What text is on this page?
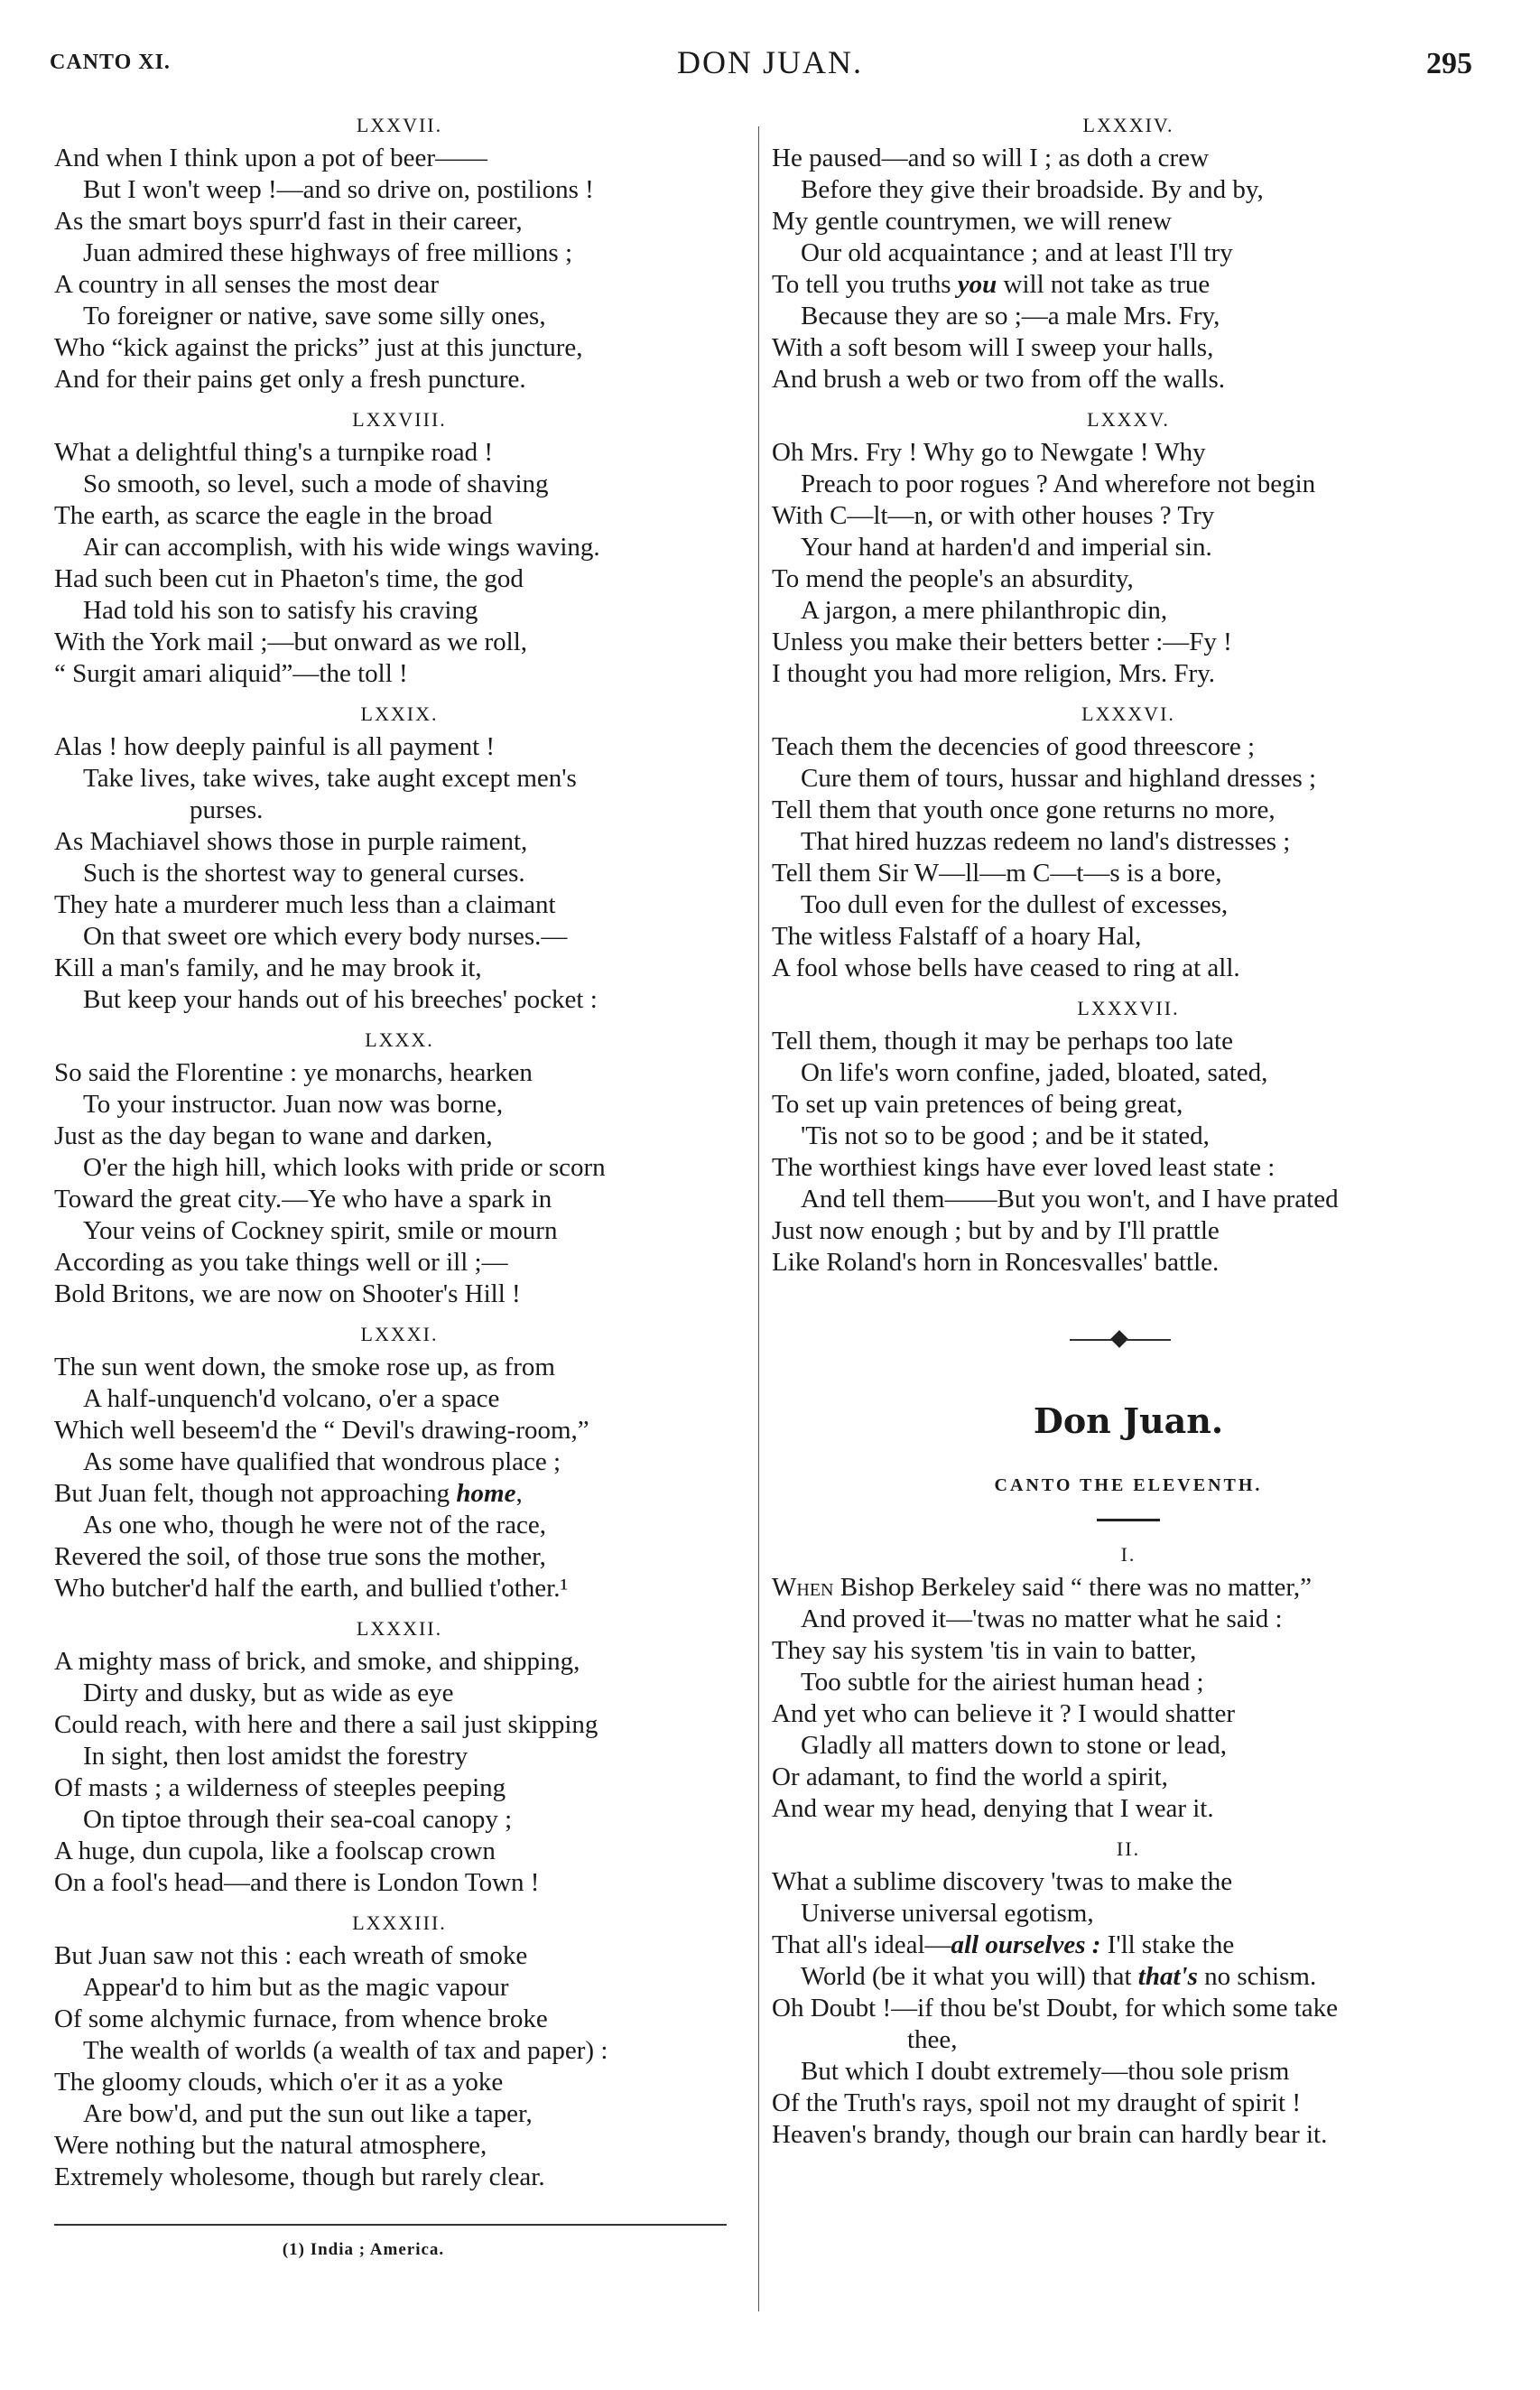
CANTO XI.	DON JUAN.	295
LXXVII.
And when I think upon a pot of beer——
But I won't weep !—and so drive on, postilions !
As the smart boys spurr'd fast in their career,
Juan admired these highways of free millions ;
A country in all senses the most dear
To foreigner or native, save some silly ones,
Who “kick against the pricks” just at this juncture,
And for their pains get only a fresh puncture.
LXXVIII.
What a delightful thing's a turnpike road !
So smooth, so level, such a mode of shaving
The earth, as scarce the eagle in the broad
Air can accomplish, with his wide wings waving.
Had such been cut in Phaeton's time, the god
Had told his son to satisfy his craving
With the York mail ;—but onward as we roll,
“ Surgit amari aliquid”—the toll !
LXXIX.
Alas ! how deeply painful is all payment !
Take lives, take wives, take aught except men's
purses.
As Machiavel shows those in purple raiment,
Such is the shortest way to general curses.
They hate a murderer much less than a claimant
On that sweet ore which every body nurses.—
Kill a man's family, and he may brook it,
But keep your hands out of his breeches' pocket :
LXXX.
So said the Florentine : ye monarchs, hearken
To your instructor. Juan now was borne,
Just as the day began to wane and darken,
O'er the high hill, which looks with pride or scorn
Toward the great city.—Ye who have a spark in
Your veins of Cockney spirit, smile or mourn
According as you take things well or ill ;—
Bold Britons, we are now on Shooter's Hill !
LXXXI.
The sun went down, the smoke rose up, as from
A half-unquench'd volcano, o'er a space
Which well beseem'd the “ Devil's drawing-room,”
As some have qualified that wondrous place ;
But Juan felt, though not approaching home,
As one who, though he were not of the race,
Revered the soil, of those true sons the mother,
Who butcher'd half the earth, and bullied t'other.¹
LXXXII.
A mighty mass of brick, and smoke, and shipping,
Dirty and dusky, but as wide as eye
Could reach, with here and there a sail just skipping
In sight, then lost amidst the forestry
Of masts ; a wilderness of steeples peeping
On tiptoe through their sea-coal canopy ;
A huge, dun cupola, like a foolscap crown
On a fool's head—and there is London Town !
LXXXIII.
But Juan saw not this : each wreath of smoke
Appear'd to him but as the magic vapour
Of some alchymic furnace, from whence broke
The wealth of worlds (a wealth of tax and paper) :
The gloomy clouds, which o'er it as a yoke
Are bow'd, and put the sun out like a taper,
Were nothing but the natural atmosphere,
Extremely wholesome, though but rarely clear.
(1) India ; America.
LXXXIV.
He paused—and so will I ; as doth a crew
Before they give their broadside. By and by,
My gentle countrymen, we will renew
Our old acquaintance ; and at least I'll try
To tell you truths you will not take as true
Because they are so ;—a male Mrs. Fry,
With a soft besom will I sweep your halls,
And brush a web or two from off the walls.
LXXXV.
Oh Mrs. Fry ! Why go to Newgate ! Why
Preach to poor rogues ? And wherefore not begin
With C—lt—n, or with other houses ? Try
Your hand at harden'd and imperial sin.
To mend the people's an absurdity,
A jargon, a mere philanthropic din,
Unless you make their betters better :—Fy !
I thought you had more religion, Mrs. Fry.
LXXXVI.
Teach them the decencies of good threescore ;
Cure them of tours, hussar and highland dresses ;
Tell them that youth once gone returns no more,
That hired huzzas redeem no land's distresses ;
Tell them Sir W—ll—m C—t—s is a bore,
Too dull even for the dullest of excesses,
The witless Falstaff of a hoary Hal,
A fool whose bells have ceased to ring at all.
LXXXVII.
Tell them, though it may be perhaps too late
On life's worn confine, jaded, bloated, sated,
To set up vain pretences of being great,
'Tis not so to be good ; and be it stated,
The worthiest kings have ever loved least state :
And tell them——But you won't, and I have prated
Just now enough ; but by and by I'll prattle
Like Roland's horn in Roncesvalles' battle.
Don Juan.
CANTO THE ELEVENTH.
I.
When Bishop Berkeley said “ there was no matter,”
And proved it—'twas no matter what he said :
They say his system 'tis in vain to batter,
Too subtle for the airiest human head ;
And yet who can believe it ? I would shatter
Gladly all matters down to stone or lead,
Or adamant, to find the world a spirit,
And wear my head, denying that I wear it.
II.
What a sublime discovery 'twas to make the
Universe universal egotism,
That all's ideal—all ourselves : I'll stake the
World (be it what you will) that that's no schism.
Oh Doubt !—if thou be'st Doubt, for which some take
thee,
But which I doubt extremely—thou sole prism
Of the Truth's rays, spoil not my draught of spirit !
Heaven's brandy, though our brain can hardly bear it.
